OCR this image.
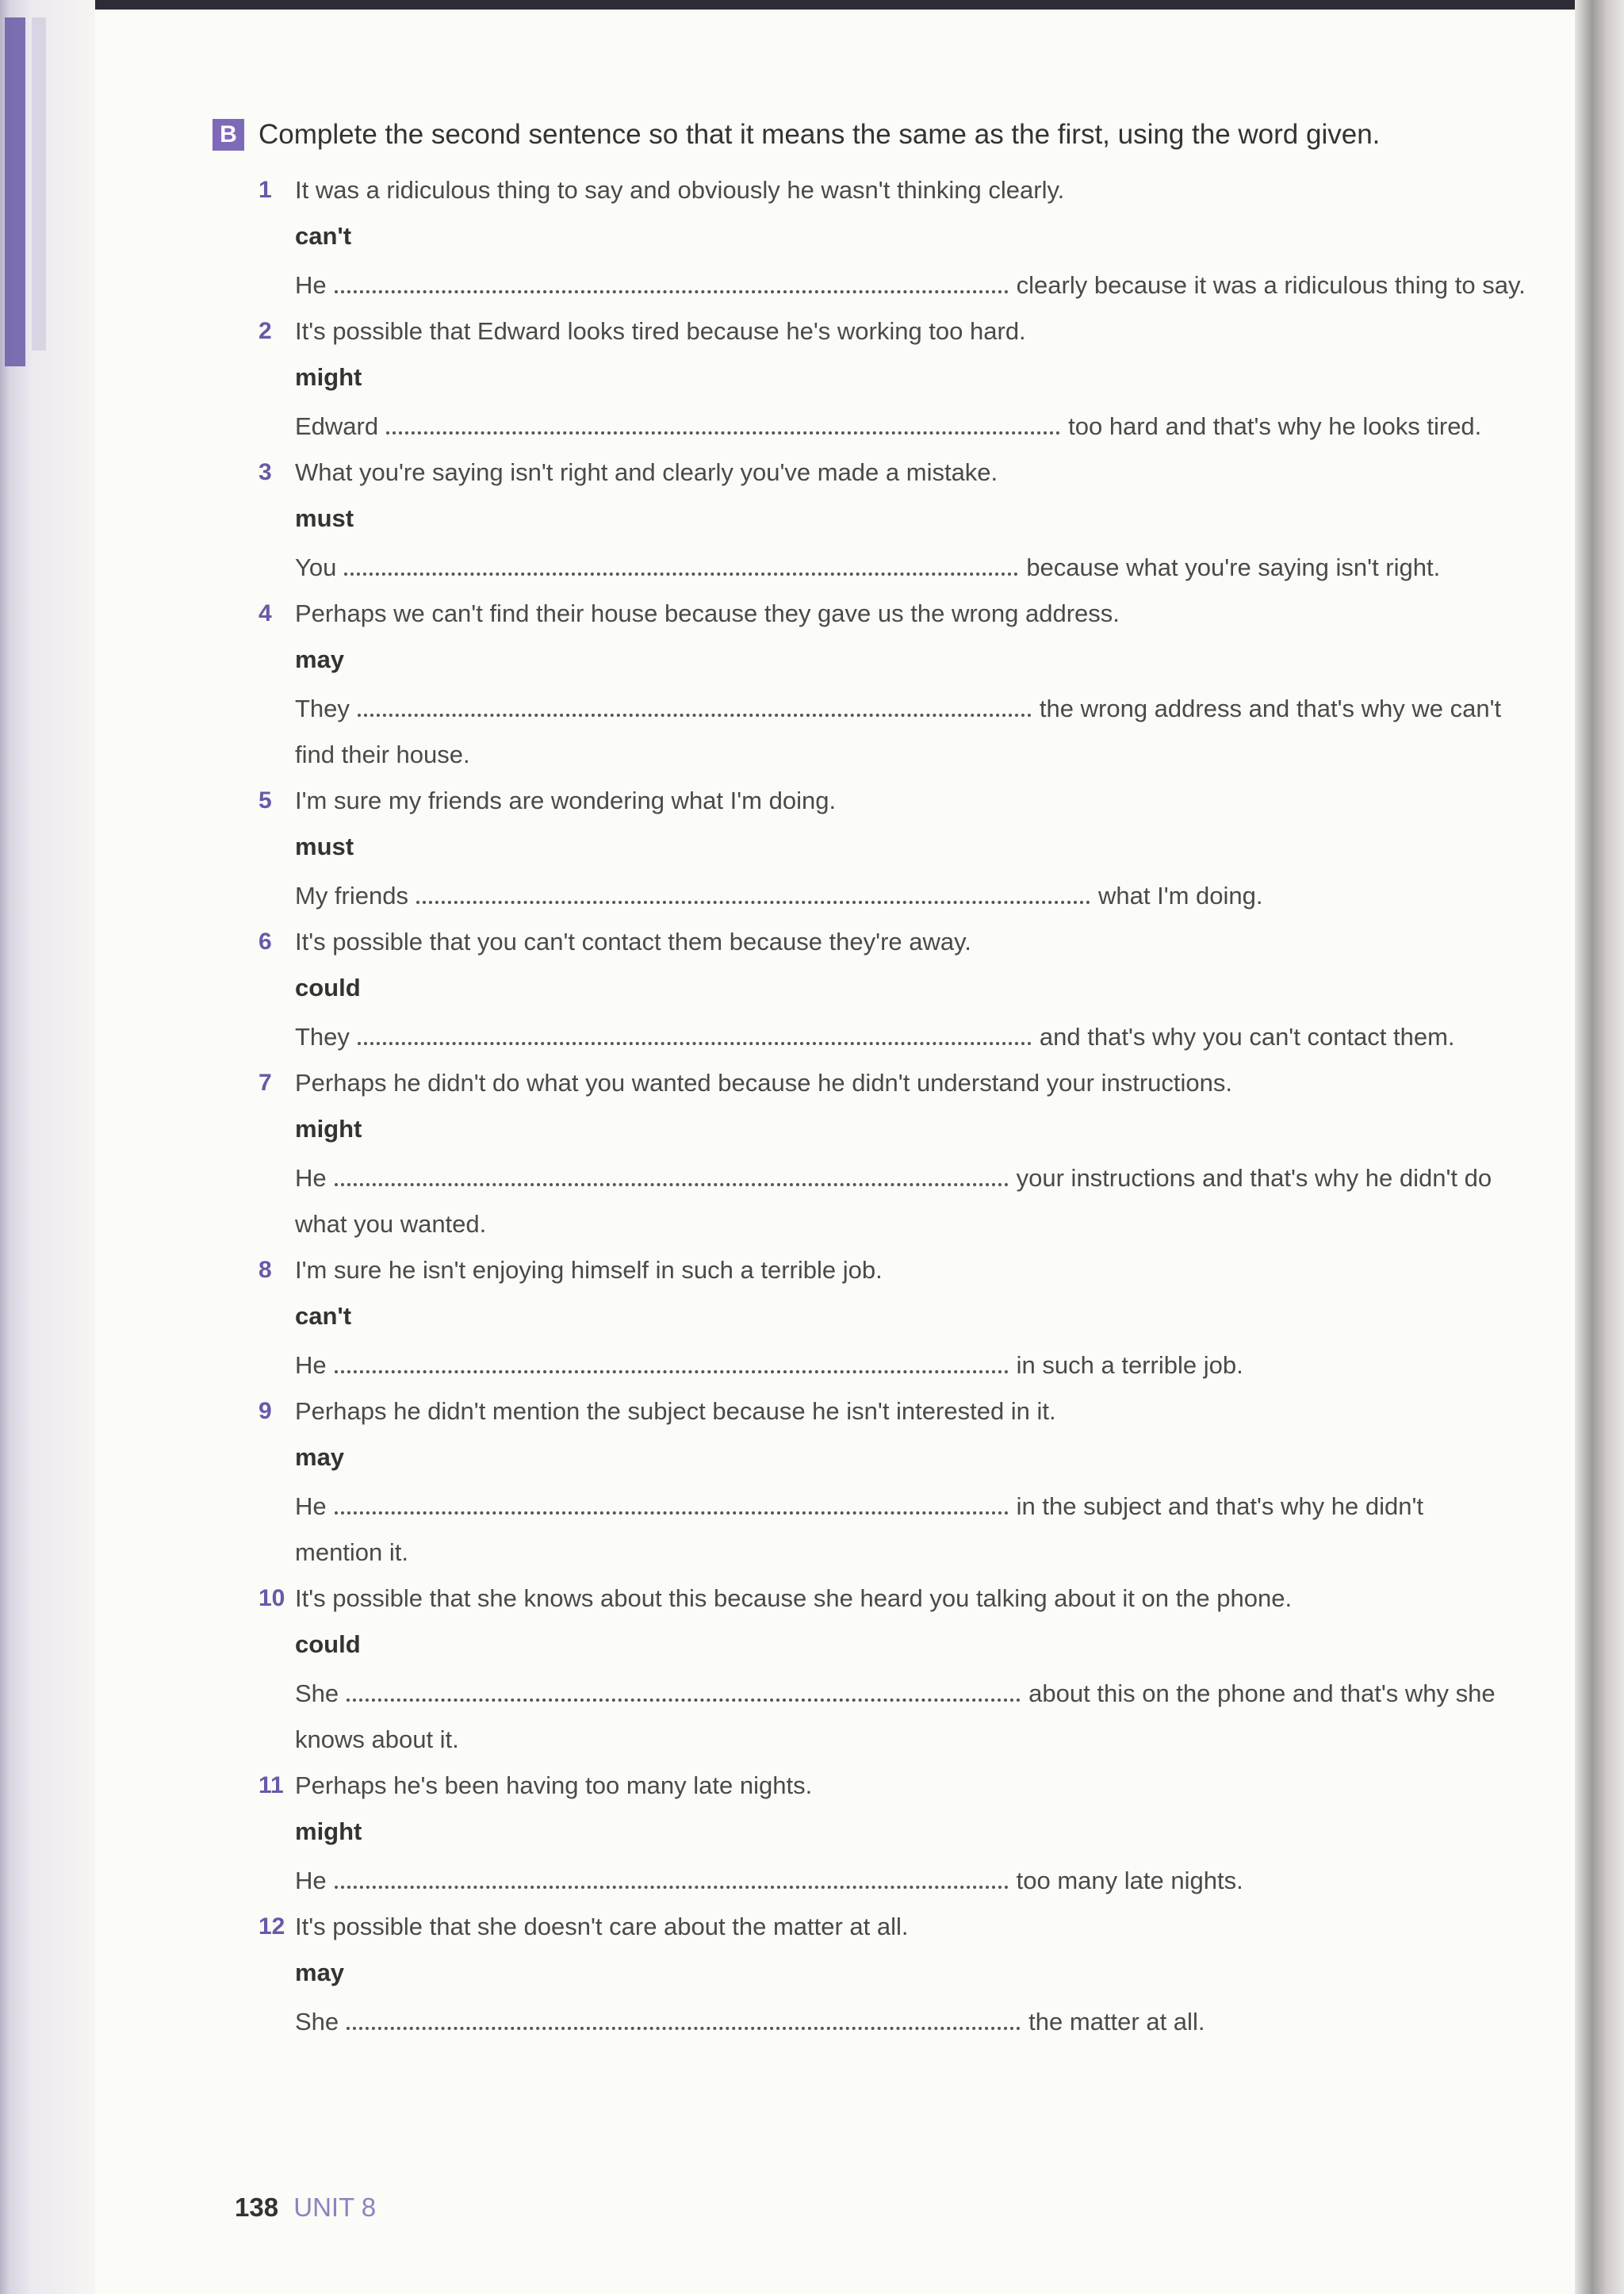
B Complete the second sentence so that it means the same as the first, using the word given.
1 It was a ridiculous thing to say and obviously he wasn't thinking clearly.
can't
He	clearly because it was a ridiculous thing to say.
2 It's possible that Edward looks tired because he's working too hard.
might
Edward	too hard and that's why he looks tired.
3 What you're saying isn't right and clearly you've made a mistake.
must
You	because what you're saying isn't right.
4 Perhaps we can't find their house because they gave us the wrong address.
may
They	the wrong address and that's why we can't
find their house.
5 I'm sure my friends are wondering what I'm doing.
must
My friends	what I'm doing.
6 It's possible that you can't contact them because they're away.
could
They	and that's why you can't contact them.
7 Perhaps he didn't do what you wanted because he didn't understand your instructions.
might
He	your instructions and that's why he didn't do
what you wanted.
8 I'm sure he isn't enjoying himself in such a terrible job.
can't
He	in such a terrible job.
9 Perhaps he didn't mention the subject because he isn't interested in it.
may
He	in the subject and that's why he didn't
mention it.
10 It's possible that she knows about this because she heard you talking about it on the phone.
could
She	about this on the phone and that's why she
knows about it.
11 Perhaps he's been having too many late nights.
might
He	too many late nights.
12 It's possible that she doesn't care about the matter at all.
may
She	the matter at all.
138 UNIT 8
